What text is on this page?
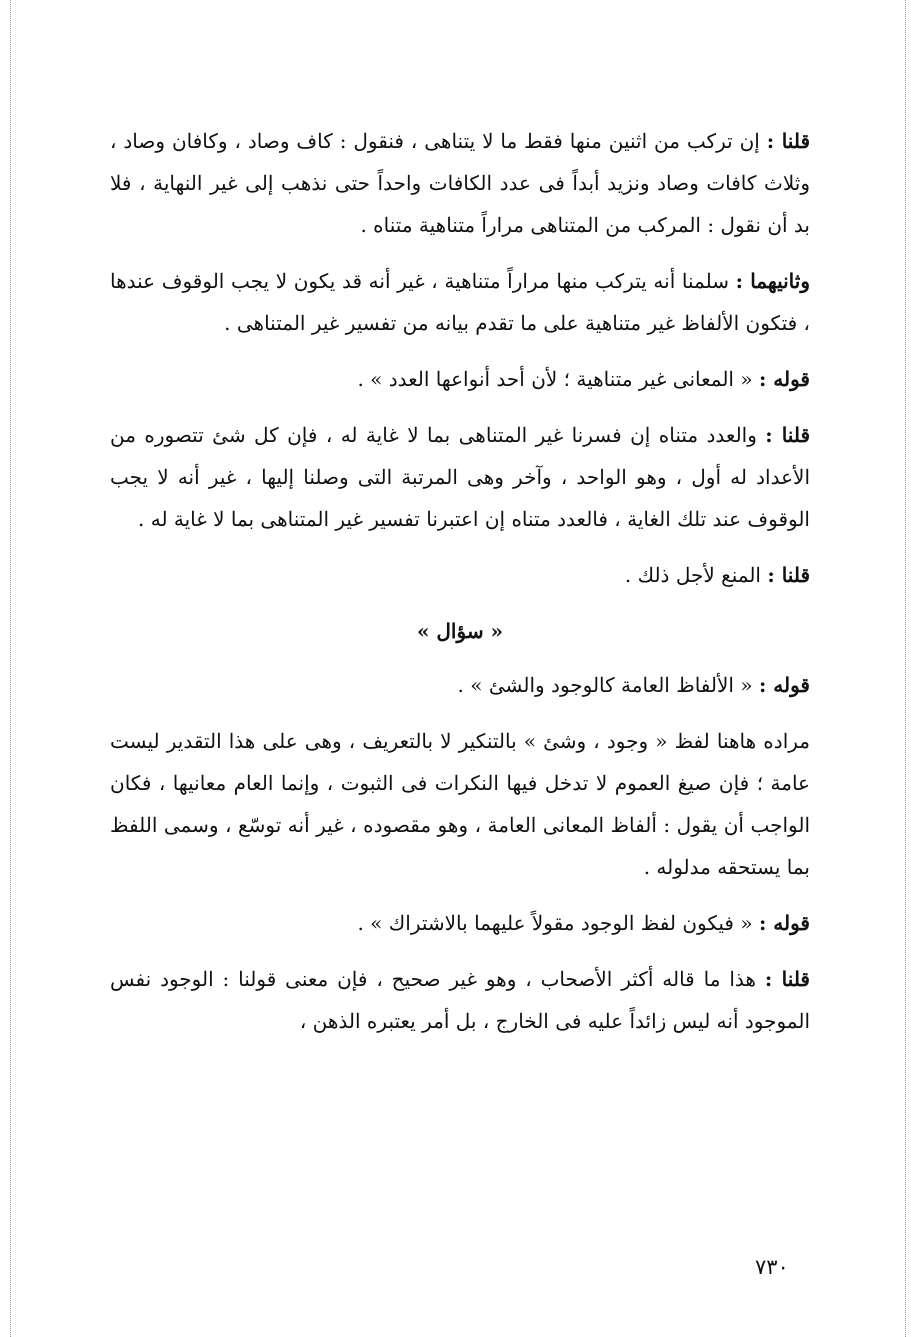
قلنا : إن تركب من اثنين منها فقط ما لا يتناهى ، فنقول : كاف وصاد ، وكافان وصاد ، وثلاث كافات وصاد ونزيد أبداً فى عدد الكافات واحداً حتى نذهب إلى غير النهاية ، فلا بد أن نقول : المركب من المتناهى مراراً متناهية متناه .

وثانيهما : سلمنا أنه يتركب منها مراراً متناهية ، غير أنه قد يكون لا يجب الوقوف عندها ، فتكون الألفاظ غير متناهية على ما تقدم بيانه من تفسير غير المتناهى .

قوله : « المعانى غير متناهية ؛ لأن أحد أنواعها العدد » .

قلنا : والعدد متناه إن فسرنا غير المتناهى بما لا غاية له ، فإن كل شئ تتصوره من الأعداد له أول ، وهو الواحد ، وآخر وهى المرتبة التى وصلنا إليها ، غير أنه لا يجب الوقوف عند تلك الغاية ، فالعدد متناه إن اعتبرنا تفسير غير المتناهى بما لا غاية له .

قلنا : المنع لأجل ذلك .

« سؤال »

قوله : « الألفاظ العامة كالوجود والشئ » .

مراده هاهنا لفظ « وجود ، وشئ » بالتنكير لا بالتعريف ، وهى على هذا التقدير ليست عامة ؛ فإن صيغ العموم لا تدخل فيها النكرات فى الثبوت ، وإنما العام معانيها ، فكان الواجب أن يقول : ألفاظ المعانى العامة ، وهو مقصوده ، غير أنه توسّع ، وسمى اللفظ بما يستحقه مدلوله .

قوله : « فيكون لفظ الوجود مقولاً عليهما بالاشتراك » .

قلنا : هذا ما قاله أكثر الأصحاب ، وهو غير صحيح ، فإن معنى قولنا : الوجود نفس الموجود أنه ليس زائداً عليه فى الخارج ، بل أمر يعتبره الذهن ،

٧٣٠
